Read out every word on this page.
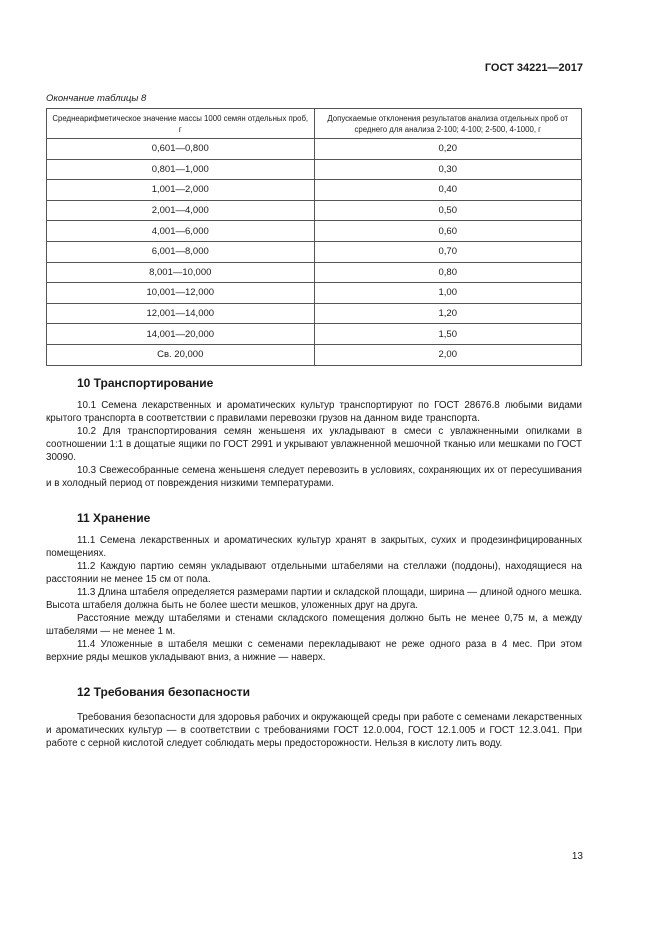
ГОСТ 34221—2017
Окончание таблицы 8
Среднеарифметическое значение массы 1000 семян отдельных проб, г	Допускаемые отклонения результатов анализа отдельных проб от среднего для анализа 2-100; 4-100; 2-500, 4-1000, г
0,601—0,800	0,20
0,801—1,000	0,30
1,001—2,000	0,40
2,001—4,000	0,50
4,001—6,000	0,60
6,001—8,000	0,70
8,001—10,000	0,80
10,001—12,000	1,00
12,001—14,000	1,20
14,001—20,000	1,50
Св. 20,000	2,00
10 Транспортирование

10.1 Семена лекарственных и ароматических культур транспортируют по ГОСТ 28676.8 любыми видами крытого транспорта в соответствии с правилами перевозки грузов на данном виде транспорта.

10.2 Для транспортирования семян женьшеня их укладывают в смеси с увлажненными опилками в соотношении 1:1 в дощатые ящики по ГОСТ 2991 и укрывают увлажненной мешочной тканью или мешками по ГОСТ 30090.

10.3 Свежесобранные семена женьшеня следует перевозить в условиях, сохраняющих их от пересушивания и в холодный период от повреждения низкими температурами.

11 Хранение

11.1 Семена лекарственных и ароматических культур хранят в закрытых, сухих и продезинфицированных помещениях.

11.2 Каждую партию семян укладывают отдельными штабелями на стеллажи (поддоны), находящиеся на расстоянии не менее 15 см от пола.

11.3 Длина штабеля определяется размерами партии и складской площади, ширина — длиной одного мешка. Высота штабеля должна быть не более шести мешков, уложенных друг на друга.

Расстояние между штабелями и стенами складского помещения должно быть не менее 0,75 м, а между штабелями — не менее 1 м.

11.4 Уложенные в штабеля мешки с семенами перекладывают не реже одного раза в 4 мес. При этом верхние ряды мешков укладывают вниз, а нижние — наверх.

12 Требования безопасности

Требования безопасности для здоровья рабочих и окружающей среды при работе с семенами лекарственных и ароматических культур — в соответствии с требованиями ГОСТ 12.0.004, ГОСТ 12.1.005 и ГОСТ 12.3.041. При работе с серной кислотой следует соблюдать меры предосторожности. Нельзя в кислоту лить воду.

13
